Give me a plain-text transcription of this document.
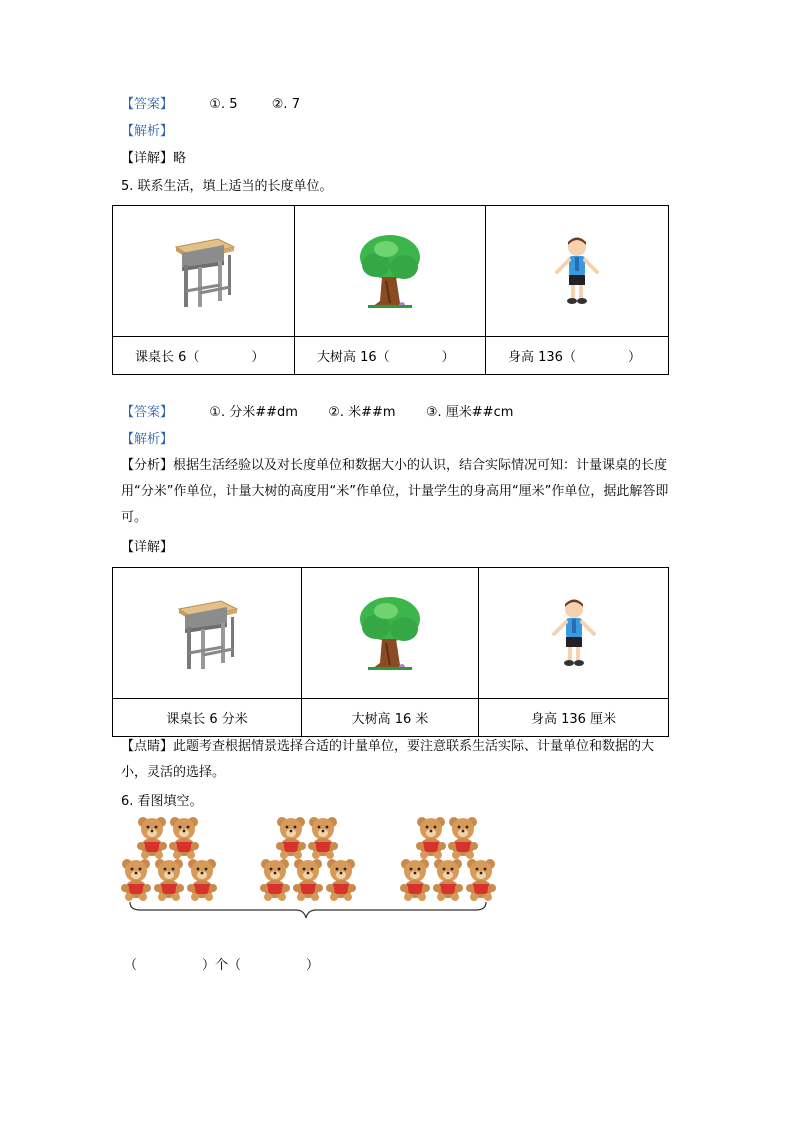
【答案】	①. 5	②. 7
【解析】
【详解】略
5. 联系生活，填上适当的长度单位。

课桌长 6（　　　　）	大树高 16（　　　　）	身高 136（　　　　）
【答案】	①. 分米##dm ②. 米##m ③. 厘米##cm
【解析】
【分析】根据生活经验以及对长度单位和数据大小的认识，结合实际情况可知：计量课桌的长度用“分米”作单位，计量大树的高度用“米”作单位，计量学生的身高用“厘米”作单位，据此解答即可。
【详解】

课桌长 6 分米	大树高 16 米	身高 136 厘米
【点睛】此题考查根据情景选择合适的计量单位，要注意联系生活实际、计量单位和数据的大小，灵活的选择。
6. 看图填空。
（　　　　　）个（　　　　　）
